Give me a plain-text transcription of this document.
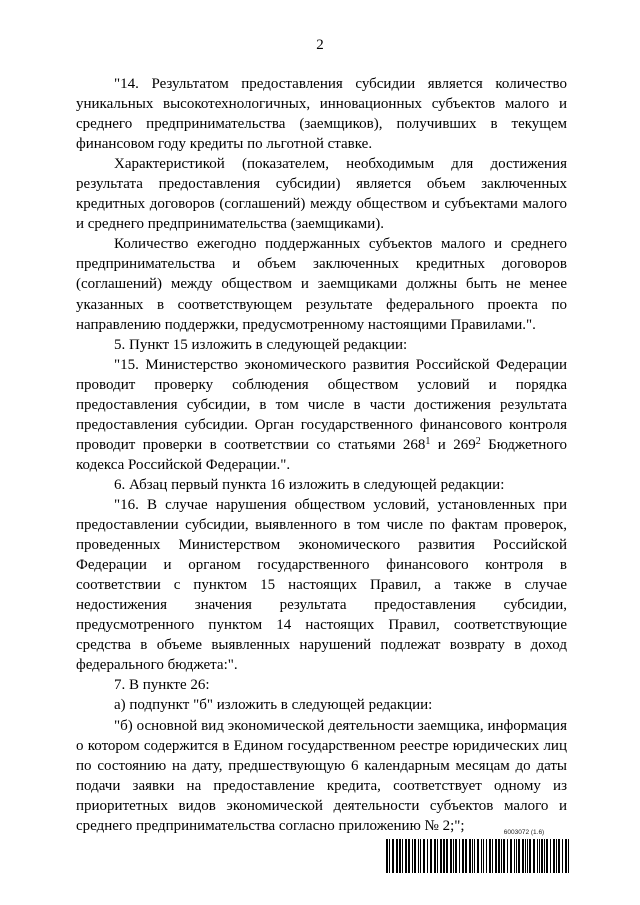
2

"14. Результатом предоставления субсидии является количество уникальных высокотехнологичных, инновационных субъектов малого и среднего предпринимательства (заемщиков), получивших в текущем финансовом году кредиты по льготной ставке.

Характеристикой (показателем, необходимым для достижения результата предоставления субсидии) является объем заключенных кредитных договоров (соглашений) между обществом и субъектами малого и среднего предпринимательства (заемщиками).

Количество ежегодно поддержанных субъектов малого и среднего предпринимательства и объем заключенных кредитных договоров (соглашений) между обществом и заемщиками должны быть не менее указанных в соответствующем результате федерального проекта по направлению поддержки, предусмотренному настоящими Правилами.".

5. Пункт 15 изложить в следующей редакции:

"15. Министерство экономического развития Российской Федерации проводит проверку соблюдения обществом условий и порядка предоставления субсидии, в том числе в части достижения результата предоставления субсидии. Орган государственного финансового контроля проводит проверки в соответствии со статьями $268^1$ и $269^2$ Бюджетного кодекса Российской Федерации.".

6. Абзац первый пункта 16 изложить в следующей редакции:

"16. В случае нарушения обществом условий, установленных при предоставлении субсидии, выявленного в том числе по фактам проверок, проведенных Министерством экономического развития Российской Федерации и органом государственного финансового контроля в соответствии с пунктом 15 настоящих Правил, а также в случае недостижения значения результата предоставления субсидии, предусмотренного пунктом 14 настоящих Правил, соответствующие средства в объеме выявленных нарушений подлежат возврату в доход федерального бюджета:".

7. В пункте 26:

а) подпункт "б" изложить в следующей редакции:

"б) основной вид экономической деятельности заемщика, информация о котором содержится в Едином государственном реестре юридических лиц по состоянию на дату, предшествующую 6 календарным месяцам до даты подачи заявки на предоставление кредита, соответствует одному из приоритетных видов экономической деятельности субъектов малого и среднего предпринимательства согласно приложению № 2;";	6003072 (1.6)
